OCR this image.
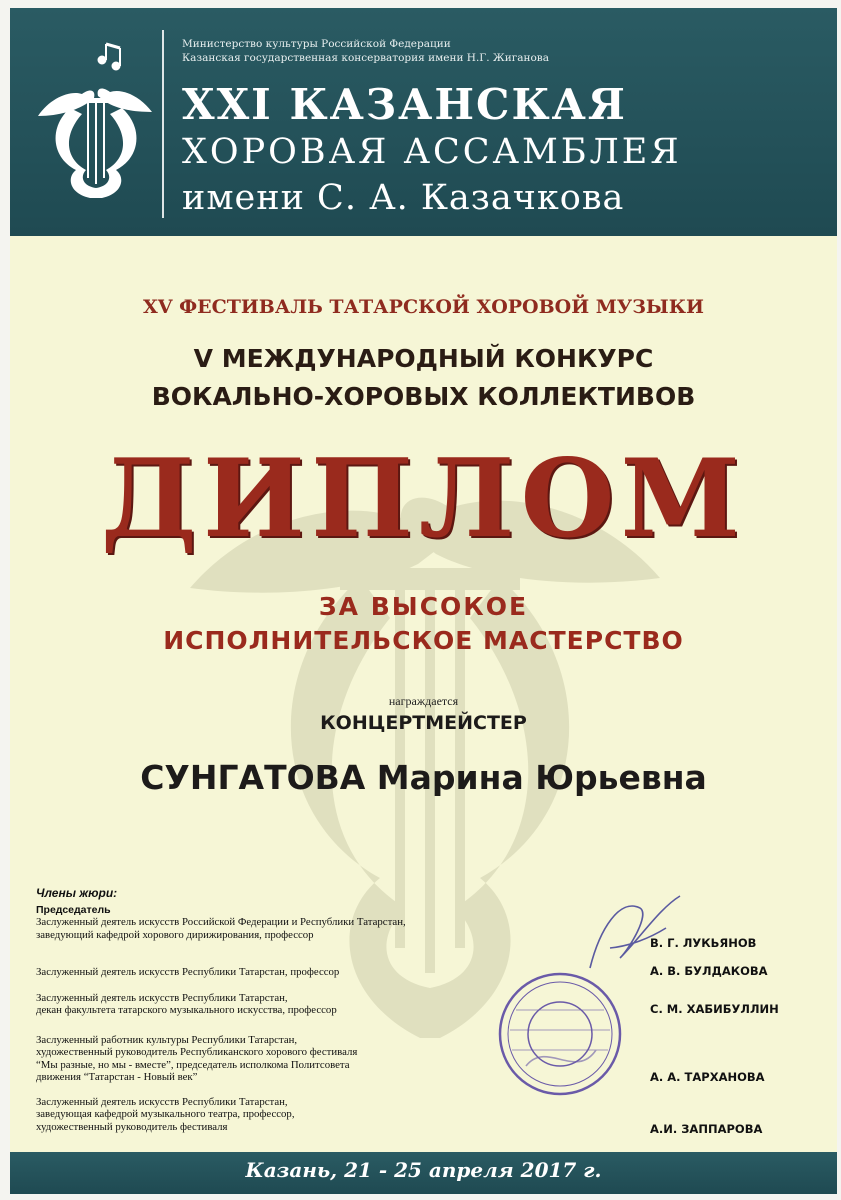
Министерство культуры Российской Федерации
Казанская государственная консерватория имени Н.Г. Жиганова
XXI КАЗАНСКАЯ
ХОРОВАЯ АССАМБЛЕЯ
имени С. А. Казачкова
XV ФЕСТИВАЛЬ ТАТАРСКОЙ ХОРОВОЙ МУЗЫКИ
V МЕЖДУНАРОДНЫЙ КОНКУРС
ВОКАЛЬНО-ХОРОВЫХ КОЛЛЕКТИВОВ
ДИПЛОМ
ЗА ВЫСОКОЕ
ИСПОЛНИТЕЛЬСКОЕ МАСТЕРСТВО
награждается
КОНЦЕРТМЕЙСТЕР
СУНГАТОВА Марина Юрьевна
Члены жюри:
Председатель
Заслуженный деятель искусств Российской Федерации и Республики Татарстан,
заведующий кафедрой хорового дирижирования, профессор
В. Г. ЛУКЬЯНОВ
Заслуженный деятель искусств Республики Татарстан, профессор	А. В. БУЛДАКОВА
Заслуженный деятель искусств Республики Татарстан,
декан факультета татарского музыкального искусства, профессор	С. М. ХАБИБУЛЛИН
Заслуженный работник культуры Республики Татарстан,
художественный руководитель Республиканского хорового фестиваля
“Мы разные, но мы - вместе”, председатель исполкома Политсовета
движения “Татарстан - Новый век”	А. А. ТАРХАНОВА
Заслуженный деятель искусств Республики Татарстан,
заведующая кафедрой музыкального театра, профессор,
художественный руководитель фестиваля	А.И. ЗАППАРОВА
Казань, 21 - 25 апреля 2017 г.
